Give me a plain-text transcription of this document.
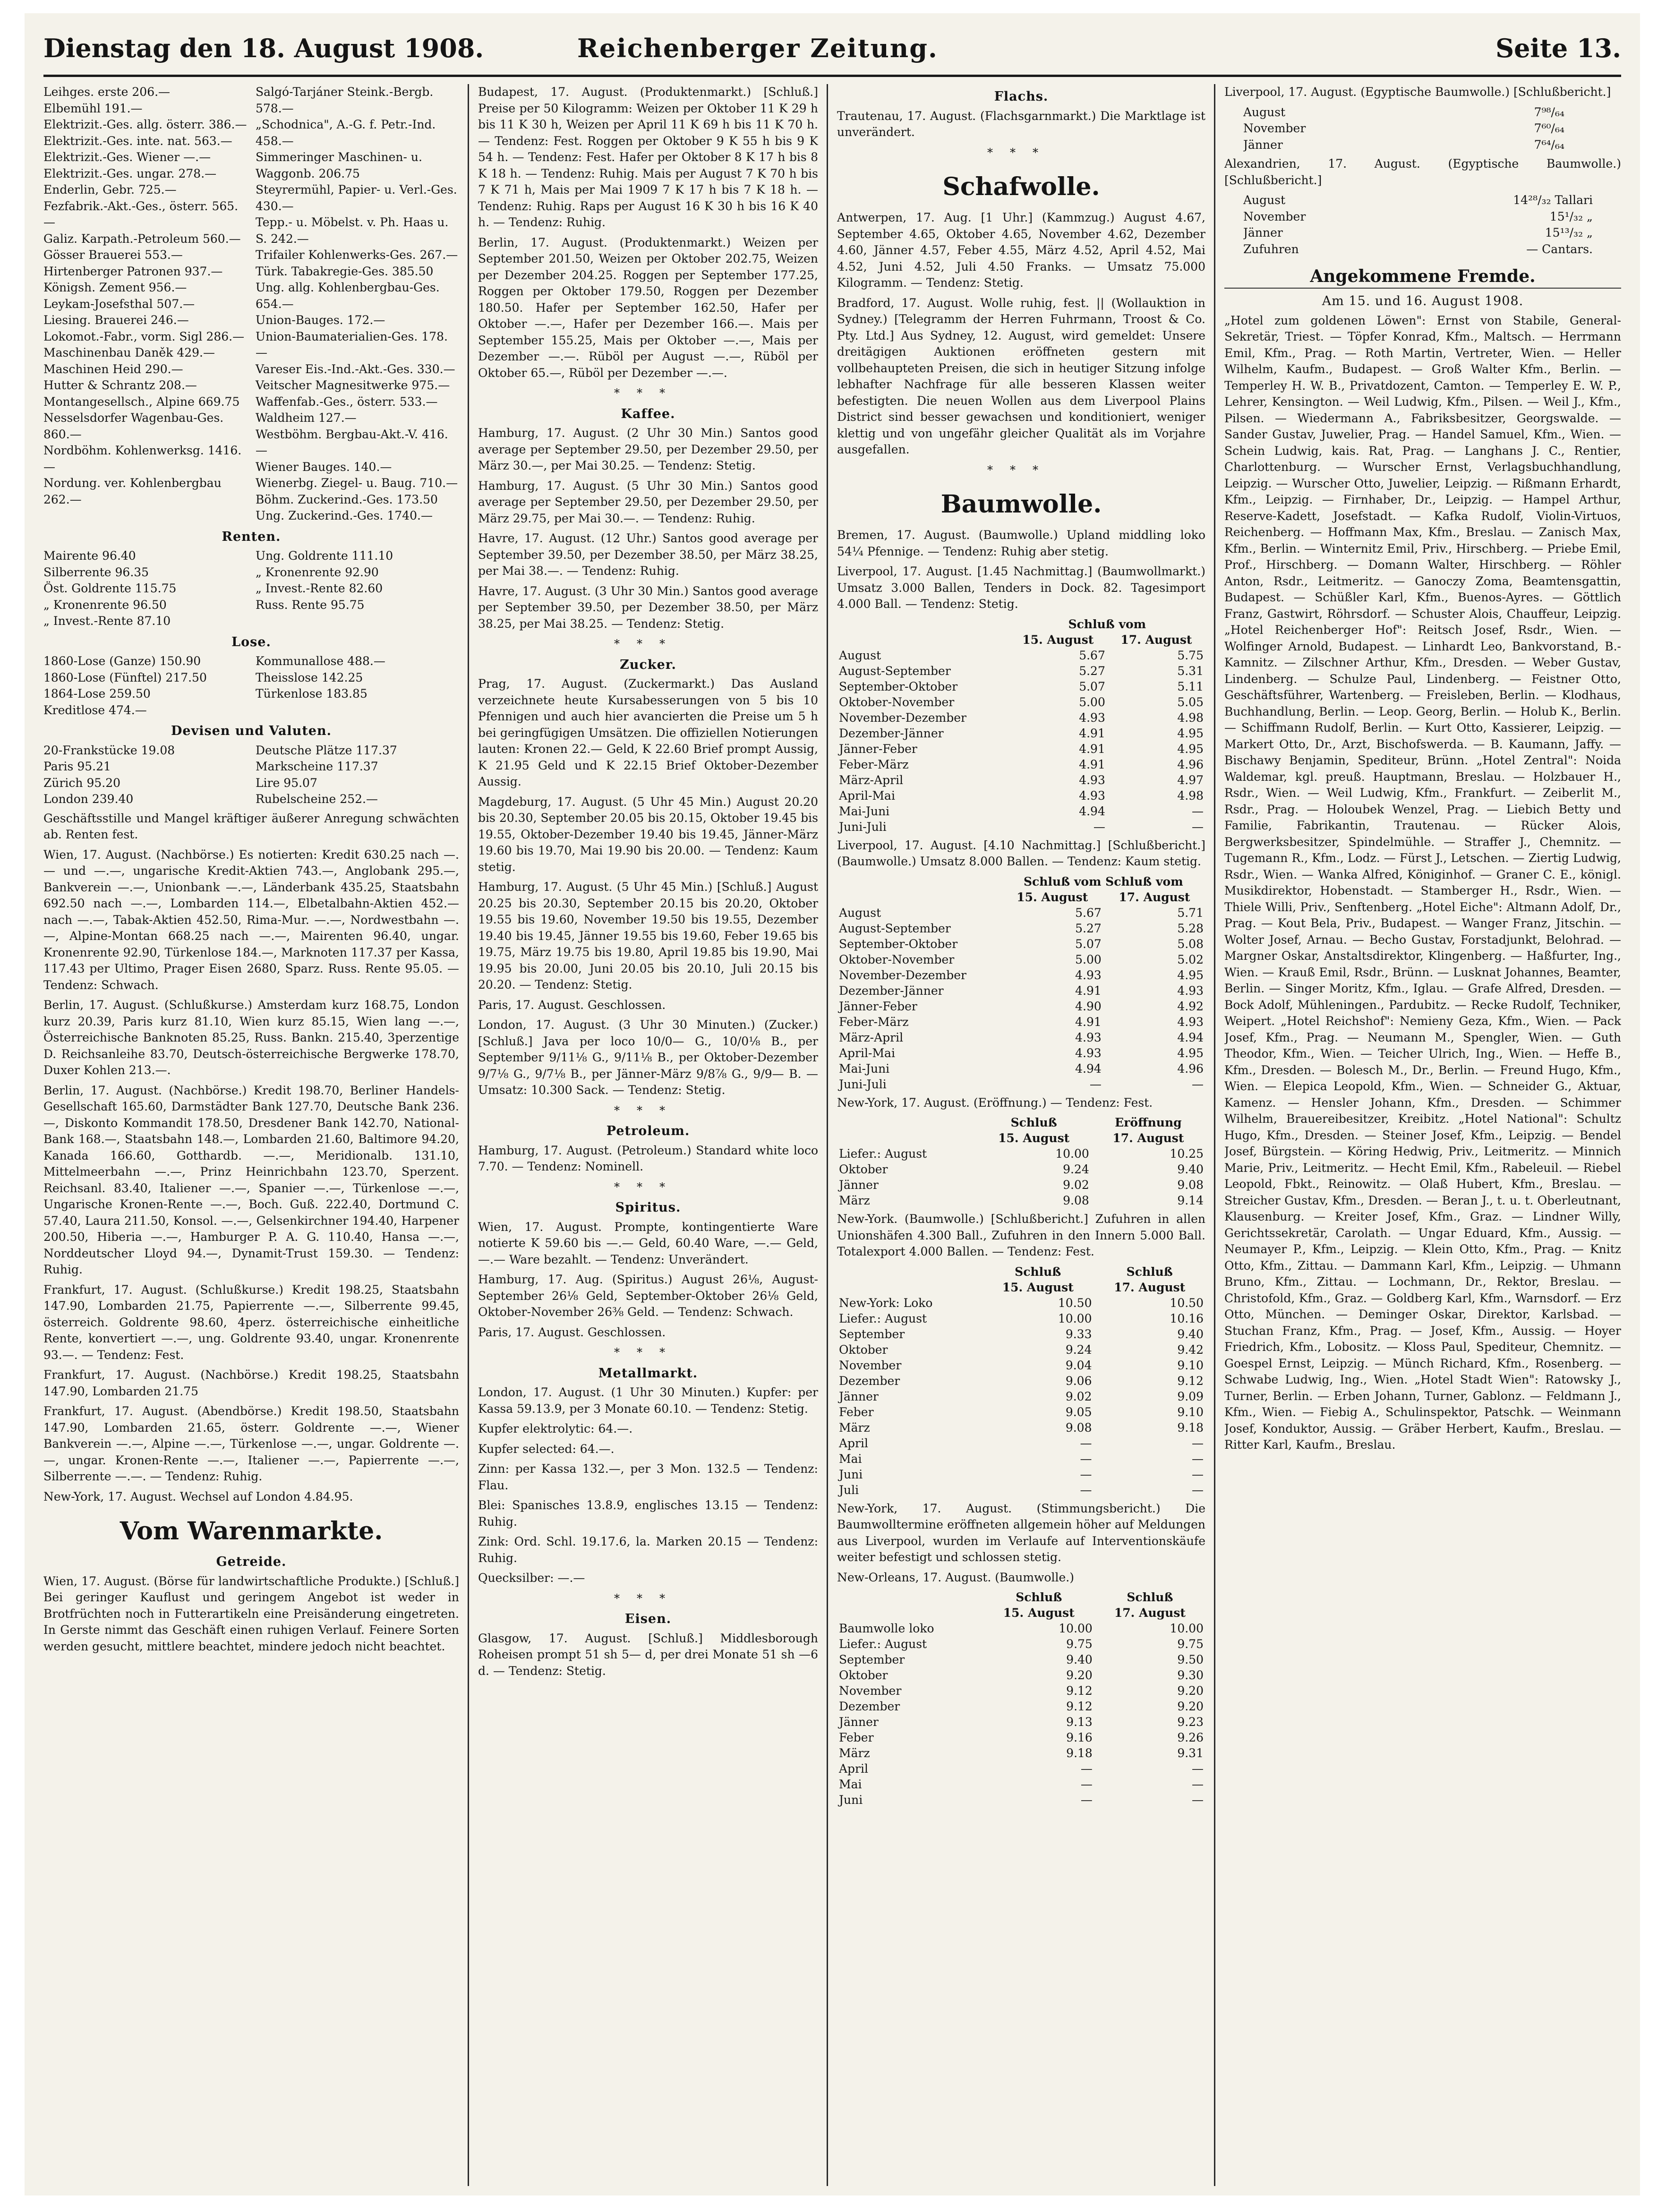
Dienstag den 18. August 1908.	Reichenberger Zeitung.	Seite 13.
Leihges. erste 206.—
Elbemühl 191.—
Elektrizit.-Ges. allg. österr. 386.—
Elektrizit.-Ges. inte. nat. 563.—
Elektrizit.-Ges. Wiener —.—
Elektrizit.-Ges. ungar. 278.—
Enderlin, Gebr. 725.—
Fezfabrik.-Akt.-Ges., österr. 565.—
Galiz. Karpath.-Petroleum 560.—
Gösser Brauerei 553.—
Hirtenberger Patronen 937.—
Königsh. Zement 956.—
Leykam-Josefsthal 507.—
Liesing. Brauerei 246.—
Lokomot.-Fabr., vorm. Sigl 286.—
Maschinenbau Daněk 429.—
Maschinen Heid 290.—
Hutter & Schrantz 208.—
Montangesellsch., Alpine 669.75
Nesselsdorfer Wagenbau-Ges. 860.—
Nordböhm. Kohlenwerksg. 1416.—
Nordung. ver. Kohlenbergbau 262.—
Salgó-Tarjáner Steink.-Bergb. 578.—
„Schodnica", A.-G. f. Petr.-Ind. 458.—
Simmeringer Maschinen- u. Waggonb. 206.75
Steyrermühl, Papier- u. Verl.-Ges. 430.—
Tepp.- u. Möbelst. v. Ph. Haas u. S. 242.—
Trifailer Kohlenwerks-Ges. 267.—
Türk. Tabakregie-Ges. 385.50
Ung. allg. Kohlenbergbau-Ges. 654.—
Union-Bauges. 172.—
Union-Baumaterialien-Ges. 178.—
Vareser Eis.-Ind.-Akt.-Ges. 330.—
Veitscher Magnesitwerke 975.—
Waffenfab.-Ges., österr. 533.—
Waldheim 127.—
Westböhm. Bergbau-Akt.-V. 416.—
Wiener Bauges. 140.—
Wienerbg. Ziegel- u. Baug. 710.—
Böhm. Zuckerind.-Ges. 173.50
Ung. Zuckerind.-Ges. 1740.—
Renten.
Mairente 96.40
Silberrente 96.35
Öst. Goldrente 115.75
„ Kronenrente 96.50
„ Invest.-Rente 87.10
Ung. Goldrente 111.10
„ Kronenrente 92.90
„ Invest.-Rente 82.60
Russ. Rente 95.75
Lose.
1860-Lose (Ganze) 150.90
1860-Lose (Fünftel) 217.50
1864-Lose 259.50
Kreditlose 474.—
Kommunallose 488.—
Theisslose 142.25
Türkenlose 183.85
Devisen und Valuten.
20-Frankstücke 19.08
Paris 95.21
Zürich 95.20
London 239.40
Deutsche Plätze 117.37
Markscheine 117.37
Lire 95.07
Rubelscheine 252.—

Geschäftsstille und Mangel kräftiger äußerer Anregung schwächten ab. Renten fest.

Wien, 17. August. (Nachbörse.) Es notierten: Kredit 630.25 nach —.— und —.—, ungarische Kredit-Aktien 743.—, Anglobank 295.—, Bankverein —.—, Unionbank —.—, Länderbank 435.25, Staatsbahn 692.50 nach —.—, Lombarden 114.—, Elbetalbahn-Aktien 452.— nach —.—, Tabak-Aktien 452.50, Rima-Mur. —.—, Nordwestbahn —.—, Alpine-Montan 668.25 nach —.—, Mairenten 96.40, ungar. Kronenrente 92.90, Türkenlose 184.—, Marknoten 117.37 per Kassa, 117.43 per Ultimo, Prager Eisen 2680, Sparz. Russ. Rente 95.05. — Tendenz: Schwach.

Berlin, 17. August. (Schlußkurse.) Amsterdam kurz 168.75, London kurz 20.39, Paris kurz 81.10, Wien kurz 85.15, Wien lang —.—, Österreichische Banknoten 85.25, Russ. Bankn. 215.40, 3perzentige D. Reichsanleihe 83.70, Deutsch-österreichische Bergwerke 178.70, Duxer Kohlen 213.—.

Berlin, 17. August. (Nachbörse.) Kredit 198.70, Berliner Handels-Gesellschaft 165.60, Darmstädter Bank 127.70, Deutsche Bank 236.—, Diskonto Kommandit 178.50, Dresdener Bank 142.70, National-Bank 168.—, Staatsbahn 148.—, Lombarden 21.60, Baltimore 94.20, Kanada 166.60, Gotthardb. —.—, Meridionalb. 131.10, Mittelmeerbahn —.—, Prinz Heinrichbahn 123.70, Sperzent. Reichsanl. 83.40, Italiener —.—, Spanier —.—, Türkenlose —.—, Ungarische Kronen-Rente —.—, Boch. Guß. 222.40, Dortmund C. 57.40, Laura 211.50, Konsol. —.—, Gelsenkirchner 194.40, Harpener 200.50, Hiberia —.—, Hamburger P. A. G. 110.40, Hansa —.—, Norddeutscher Lloyd 94.—, Dynamit-Trust 159.30. — Tendenz: Ruhig.

Frankfurt, 17. August. (Schlußkurse.) Kredit 198.25, Staatsbahn 147.90, Lombarden 21.75, Papierrente —.—, Silberrente 99.45, österreich. Goldrente 98.60, 4perz. österreichische einheitliche Rente, konvertiert —.—, ung. Goldrente 93.40, ungar. Kronenrente 93.—. — Tendenz: Fest.

Frankfurt, 17. August. (Nachbörse.) Kredit 198.25, Staatsbahn 147.90, Lombarden 21.75

Frankfurt, 17. August. (Abendbörse.) Kredit 198.50, Staatsbahn 147.90, Lombarden 21.65, österr. Goldrente —.—, Wiener Bankverein —.—, Alpine —.—, Türkenlose —.—, ungar. Goldrente —.—, ungar. Kronen-Rente —.—, Italiener —.—, Papierrente —.—, Silberrente —.—. — Tendenz: Ruhig.

New-York, 17. August. Wechsel auf London 4.84.95.

Vom Warenmarkte.
Getreide.

Wien, 17. August. (Börse für landwirtschaftliche Produkte.) [Schluß.] Bei geringer Kauflust und geringem Angebot ist weder in Brotfrüchten noch in Futterartikeln eine Preisänderung eingetreten. In Gerste nimmt das Geschäft einen ruhigen Verlauf. Feinere Sorten werden gesucht, mittlere beachtet, mindere jedoch nicht beachtet.

Budapest, 17. August. (Produktenmarkt.) [Schluß.] Preise per 50 Kilogramm: Weizen per Oktober 11 K 29 h bis 11 K 30 h, Weizen per April 11 K 69 h bis 11 K 70 h. — Tendenz: Fest. Roggen per Oktober 9 K 55 h bis 9 K 54 h. — Tendenz: Fest. Hafer per Oktober 8 K 17 h bis 8 K 18 h. — Tendenz: Ruhig. Mais per August 7 K 70 h bis 7 K 71 h, Mais per Mai 1909 7 K 17 h bis 7 K 18 h. — Tendenz: Ruhig. Raps per August 16 K 30 h bis 16 K 40 h. — Tendenz: Ruhig.

Berlin, 17. August. (Produktenmarkt.) Weizen per September 201.50, Weizen per Oktober 202.75, Weizen per Dezember 204.25. Roggen per September 177.25, Roggen per Oktober 179.50, Roggen per Dezember 180.50. Hafer per September 162.50, Hafer per Oktober —.—, Hafer per Dezember 166.—. Mais per September 155.25, Mais per Oktober —.—, Mais per Dezember —.—. Rüböl per August —.—, Rüböl per Oktober 65.—, Rüböl per Dezember —.—.

***
Kaffee.

Hamburg, 17. August. (2 Uhr 30 Min.) Santos good average per September 29.50, per Dezember 29.50, per März 30.—, per Mai 30.25. — Tendenz: Stetig.

Hamburg, 17. August. (5 Uhr 30 Min.) Santos good average per September 29.50, per Dezember 29.50, per März 29.75, per Mai 30.—. — Tendenz: Ruhig.

Havre, 17. August. (12 Uhr.) Santos good average per September 39.50, per Dezember 38.50, per März 38.25, per Mai 38.—. — Tendenz: Ruhig.

Havre, 17. August. (3 Uhr 30 Min.) Santos good average per September 39.50, per Dezember 38.50, per März 38.25, per Mai 38.25. — Tendenz: Stetig.

***
Zucker.

Prag, 17. August. (Zuckermarkt.) Das Ausland verzeichnete heute Kursabesserungen von 5 bis 10 Pfennigen und auch hier avancierten die Preise um 5 h bei geringfügigen Umsätzen. Die offiziellen Notierungen lauten: Kronen 22.— Geld, K 22.60 Brief prompt Aussig, K 21.95 Geld und K 22.15 Brief Oktober-Dezember Aussig.

Magdeburg, 17. August. (5 Uhr 45 Min.) August 20.20 bis 20.30, September 20.05 bis 20.15, Oktober 19.45 bis 19.55, Oktober-Dezember 19.40 bis 19.45, Jänner-März 19.60 bis 19.70, Mai 19.90 bis 20.00. — Tendenz: Kaum stetig.

Hamburg, 17. August. (5 Uhr 45 Min.) [Schluß.] August 20.25 bis 20.30, September 20.15 bis 20.20, Oktober 19.55 bis 19.60, November 19.50 bis 19.55, Dezember 19.40 bis 19.45, Jänner 19.55 bis 19.60, Feber 19.65 bis 19.75, März 19.75 bis 19.80, April 19.85 bis 19.90, Mai 19.95 bis 20.00, Juni 20.05 bis 20.10, Juli 20.15 bis 20.20. — Tendenz: Stetig.

Paris, 17. August. Geschlossen.

London, 17. August. (3 Uhr 30 Minuten.) (Zucker.) [Schluß.] Java per loco 10/0— G., 10/0⅛ B., per September 9/11⅛ G., 9/11⅛ B., per Oktober-Dezember 9/7⅛ G., 9/7⅛ B., per Jänner-März 9/8⅞ G., 9/9— B. — Umsatz: 10.300 Sack. — Tendenz: Stetig.

***
Petroleum.

Hamburg, 17. August. (Petroleum.) Standard white loco 7.70. — Tendenz: Nominell.

***
Spiritus.

Wien, 17. August. Prompte, kontingentierte Ware notierte K 59.60 bis —.— Geld, 60.40 Ware, —.— Geld, —.— Ware bezahlt. — Tendenz: Unverändert.

Hamburg, 17. Aug. (Spiritus.) August 26⅛, August-September 26⅛ Geld, September-Oktober 26⅛ Geld, Oktober-November 26⅜ Geld. — Tendenz: Schwach.

Paris, 17. August. Geschlossen.

***
Metallmarkt.

London, 17. August. (1 Uhr 30 Minuten.) Kupfer: per Kassa 59.13.9, per 3 Monate 60.10. — Tendenz: Stetig.

Kupfer elektrolytic: 64.—.

Kupfer selected: 64.—.

Zinn: per Kassa 132.—, per 3 Mon. 132.5 — Tendenz: Flau.

Blei: Spanisches 13.8.9, englisches 13.15 — Tendenz: Ruhig.

Zink: Ord. Schl. 19.17.6, la. Marken 20.15 — Tendenz: Ruhig.

Quecksilber: —.—

***
Eisen.

Glasgow, 17. August. [Schluß.] Middlesborough Roheisen prompt 51 sh 5— d, per drei Monate 51 sh —6 d. — Tendenz: Stetig.

Flachs.

Trautenau, 17. August. (Flachsgarnmarkt.) Die Marktlage ist unverändert.

***
Schafwolle.

Antwerpen, 17. Aug. [1 Uhr.] (Kammzug.) August 4.67, September 4.65, Oktober 4.65, November 4.62, Dezember 4.60, Jänner 4.57, Feber 4.55, März 4.52, April 4.52, Mai 4.52, Juni 4.52, Juli 4.50 Franks. — Umsatz 75.000 Kilogramm. — Tendenz: Stetig.

Bradford, 17. August. Wolle ruhig, fest. || (Wollauktion in Sydney.) [Telegramm der Herren Fuhrmann, Troost & Co. Pty. Ltd.] Aus Sydney, 12. August, wird gemeldet: Unsere dreitägigen Auktionen eröffneten gestern mit vollbehaupteten Preisen, die sich in heutiger Sitzung infolge lebhafter Nachfrage für alle besseren Klassen weiter befestigten. Die neuen Wollen aus dem Liverpool Plains District sind besser gewachsen und konditioniert, weniger klettig und von ungefähr gleicher Qualität als im Vorjahre ausgefallen.

***
Baumwolle.

Bremen, 17. August. (Baumwolle.) Upland middling loko 54¼ Pfennige. — Tendenz: Ruhig aber stetig.

Liverpool, 17. August. [1.45 Nachmittag.] (Baumwollmarkt.) Umsatz 3.000 Ballen, Tenders in Dock. 82. Tagesimport 4.000 Ball. — Tendenz: Stetig.

	Schluß vom	
	15. August	17. August
August	5.67	5.75
August-September	5.27	5.31
September-Oktober	5.07	5.11
Oktober-November	5.00	5.05
November-Dezember	4.93	4.98
Dezember-Jänner	4.91	4.95
Jänner-Feber	4.91	4.95
Feber-März	4.91	4.96
März-April	4.93	4.97
April-Mai	4.93	4.98
Mai-Juni	4.94	—
Juni-Juli	—	—

Liverpool, 17. August. [4.10 Nachmittag.] [Schlußbericht.] (Baumwolle.) Umsatz 8.000 Ballen. — Tendenz: Kaum stetig.

	Schluß vom Schluß vom	
	15. August	17. August
August	5.67	5.71
August-September	5.27	5.28
September-Oktober	5.07	5.08
Oktober-November	5.00	5.02
November-Dezember	4.93	4.95
Dezember-Jänner	4.91	4.93
Jänner-Feber	4.90	4.92
Feber-März	4.91	4.93
März-April	4.93	4.94
April-Mai	4.93	4.95
Mai-Juni	4.94	4.96
Juni-Juli	—	—

New-York, 17. August. (Eröffnung.) — Tendenz: Fest.

	Schluß	Eröffnung
	15. August	17. August
Liefer.: August	10.00	10.25
Oktober	9.24	9.40
Jänner	9.02	9.08
März	9.08	9.14

New-York. (Baumwolle.) [Schlußbericht.] Zufuhren in allen Unionshäfen 4.300 Ball., Zufuhren in den Innern 5.000 Ball. Totalexport 4.000 Ballen. — Tendenz: Fest.

	Schluß	Schluß
	15. August	17. August
New-York: Loko	10.50	10.50
Liefer.: August	10.00	10.16
September	9.33	9.40
Oktober	9.24	9.42
November	9.04	9.10
Dezember	9.06	9.12
Jänner	9.02	9.09
Feber	9.05	9.10
März	9.08	9.18
April	—	—
Mai	—	—
Juni	—	—
Juli	—	—

New-York, 17. August. (Stimmungsbericht.) Die Baumwolltermine eröffneten allgemein höher auf Meldungen aus Liverpool, wurden im Verlaufe auf Interventionskäufe weiter befestigt und schlossen stetig.

New-Orleans, 17. August. (Baumwolle.)

	Schluß	Schluß
	15. August	17. August
Baumwolle loko	10.00	10.00
Liefer.: August	9.75	9.75
September	9.40	9.50
Oktober	9.20	9.30
November	9.12	9.20
Dezember	9.12	9.20
Jänner	9.13	9.23
Feber	9.16	9.26
März	9.18	9.31
April	—	—
Mai	—	—
Juni	—	—

Liverpool, 17. August. (Egyptische Baumwolle.) [Schlußbericht.]

August	7⁹⁸/₆₄
November	7⁶⁰/₆₄
Jänner	7⁶⁴/₆₄

Alexandrien, 17. August. (Egyptische Baumwolle.) [Schlußbericht.]

August	14²⁸/₃₂ Tallari
November	15¹/₃₂ „
Jänner	15¹³/₃₂ „
Zufuhren	— Cantars.
Angekommene Fremde.
Am 15. und 16. August 1908.

„Hotel zum goldenen Löwen": Ernst von Stabile, General-Sekretär, Triest. — Töpfer Konrad, Kfm., Maltsch. — Herrmann Emil, Kfm., Prag. — Roth Martin, Vertreter, Wien. — Heller Wilhelm, Kaufm., Budapest. — Groß Walter Kfm., Berlin. — Temperley H. W. B., Privatdozent, Camton. — Temperley E. W. P., Lehrer, Kensington. — Weil Ludwig, Kfm., Pilsen. — Weil J., Kfm., Pilsen. — Wiedermann A., Fabriksbesitzer, Georgswalde. — Sander Gustav, Juwelier, Prag. — Handel Samuel, Kfm., Wien. — Schein Ludwig, kais. Rat, Prag. — Langhans J. C., Rentier, Charlottenburg. — Wurscher Ernst, Verlagsbuchhandlung, Leipzig. — Wurscher Otto, Juwelier, Leipzig. — Rißmann Erhardt, Kfm., Leipzig. — Firnhaber, Dr., Leipzig. — Hampel Arthur, Reserve-Kadett, Josefstadt. — Kafka Rudolf, Violin-Virtuos, Reichenberg. — Hoffmann Max, Kfm., Breslau. — Zanisch Max, Kfm., Berlin. — Winternitz Emil, Priv., Hirschberg. — Priebe Emil, Prof., Hirschberg. — Domann Walter, Hirschberg. — Röhler Anton, Rsdr., Leitmeritz. — Ganoczy Zoma, Beamtensgattin, Budapest. — Schüßler Karl, Kfm., Buenos-Ayres. — Göttlich Franz, Gastwirt, Röhrsdorf. — Schuster Alois, Chauffeur, Leipzig. „Hotel Reichenberger Hof": Reitsch Josef, Rsdr., Wien. — Wolfinger Arnold, Budapest. — Linhardt Leo, Bankvorstand, B.-Kamnitz. — Zilschner Arthur, Kfm., Dresden. — Weber Gustav, Lindenberg. — Schulze Paul, Lindenberg. — Feistner Otto, Geschäftsführer, Wartenberg. — Freisleben, Berlin. — Klodhaus, Buchhandlung, Berlin. — Leop. Georg, Berlin. — Holub K., Berlin. — Schiffmann Rudolf, Berlin. — Kurt Otto, Kassierer, Leipzig. — Markert Otto, Dr., Arzt, Bischofswerda. — B. Kaumann, Jaffy. — Bischawy Benjamin, Spediteur, Brünn. „Hotel Zentral": Noida Waldemar, kgl. preuß. Hauptmann, Breslau. — Holzbauer H., Rsdr., Wien. — Weil Ludwig, Kfm., Frankfurt. — Zeiberlit M., Rsdr., Prag. — Holoubek Wenzel, Prag. — Liebich Betty und Familie, Fabrikantin, Trautenau. — Rücker Alois, Bergwerksbesitzer, Spindelmühle. — Straffer J., Chemnitz. — Tugemann R., Kfm., Lodz. — Fürst J., Letschen. — Ziertig Ludwig, Rsdr., Wien. — Wanka Alfred, Königinhof. — Graner C. E., königl. Musikdirektor, Hobenstadt. — Stamberger H., Rsdr., Wien. — Thiele Willi, Priv., Senftenberg. „Hotel Eiche": Altmann Adolf, Dr., Prag. — Kout Bela, Priv., Budapest. — Wanger Franz, Jitschin. — Wolter Josef, Arnau. — Becho Gustav, Forstadjunkt, Belohrad. — Margner Oskar, Anstaltsdirektor, Klingenberg. — Haßfurter, Ing., Wien. — Krauß Emil, Rsdr., Brünn. — Lusknat Johannes, Beamter, Berlin. — Singer Moritz, Kfm., Iglau. — Grafe Alfred, Dresden. — Bock Adolf, Mühleningen., Pardubitz. — Recke Rudolf, Techniker, Weipert. „Hotel Reichshof": Nemieny Geza, Kfm., Wien. — Pack Josef, Kfm., Prag. — Neumann M., Spengler, Wien. — Guth Theodor, Kfm., Wien. — Teicher Ulrich, Ing., Wien. — Heffe B., Kfm., Dresden. — Bolesch M., Dr., Berlin. — Freund Hugo, Kfm., Wien. — Elepica Leopold, Kfm., Wien. — Schneider G., Aktuar, Kamenz. — Hensler Johann, Kfm., Dresden. — Schimmer Wilhelm, Brauereibesitzer, Kreibitz. „Hotel National": Schultz Hugo, Kfm., Dresden. — Steiner Josef, Kfm., Leipzig. — Bendel Josef, Bürgstein. — Köring Hedwig, Priv., Leitmeritz. — Minnich Marie, Priv., Leitmeritz. — Hecht Emil, Kfm., Rabeleuil. — Riebel Leopold, Fbkt., Reinowitz. — Olaß Hubert, Kfm., Breslau. — Streicher Gustav, Kfm., Dresden. — Beran J., t. u. t. Oberleutnant, Klausenburg. — Kreiter Josef, Kfm., Graz. — Lindner Willy, Gerichtssekretär, Carolath. — Ungar Eduard, Kfm., Aussig. — Neumayer P., Kfm., Leipzig. — Klein Otto, Kfm., Prag. — Knitz Otto, Kfm., Zittau. — Dammann Karl, Kfm., Leipzig. — Uhmann Bruno, Kfm., Zittau. — Lochmann, Dr., Rektor, Breslau. — Christofold, Kfm., Graz. — Goldberg Karl, Kfm., Warnsdorf. — Erz Otto, München. — Deminger Oskar, Direktor, Karlsbad. — Stuchan Franz, Kfm., Prag. — Josef, Kfm., Aussig. — Hoyer Friedrich, Kfm., Lobositz. — Kloss Paul, Spediteur, Chemnitz. — Goespel Ernst, Leipzig. — Münch Richard, Kfm., Rosenberg. — Schwabe Ludwig, Ing., Wien. „Hotel Stadt Wien": Ratowsky J., Turner, Berlin. — Erben Johann, Turner, Gablonz. — Feldmann J., Kfm., Wien. — Fiebig A., Schulinspektor, Patschk. — Weinmann Josef, Konduktor, Aussig. — Gräber Herbert, Kaufm., Breslau. — Ritter Karl, Kaufm., Breslau.
